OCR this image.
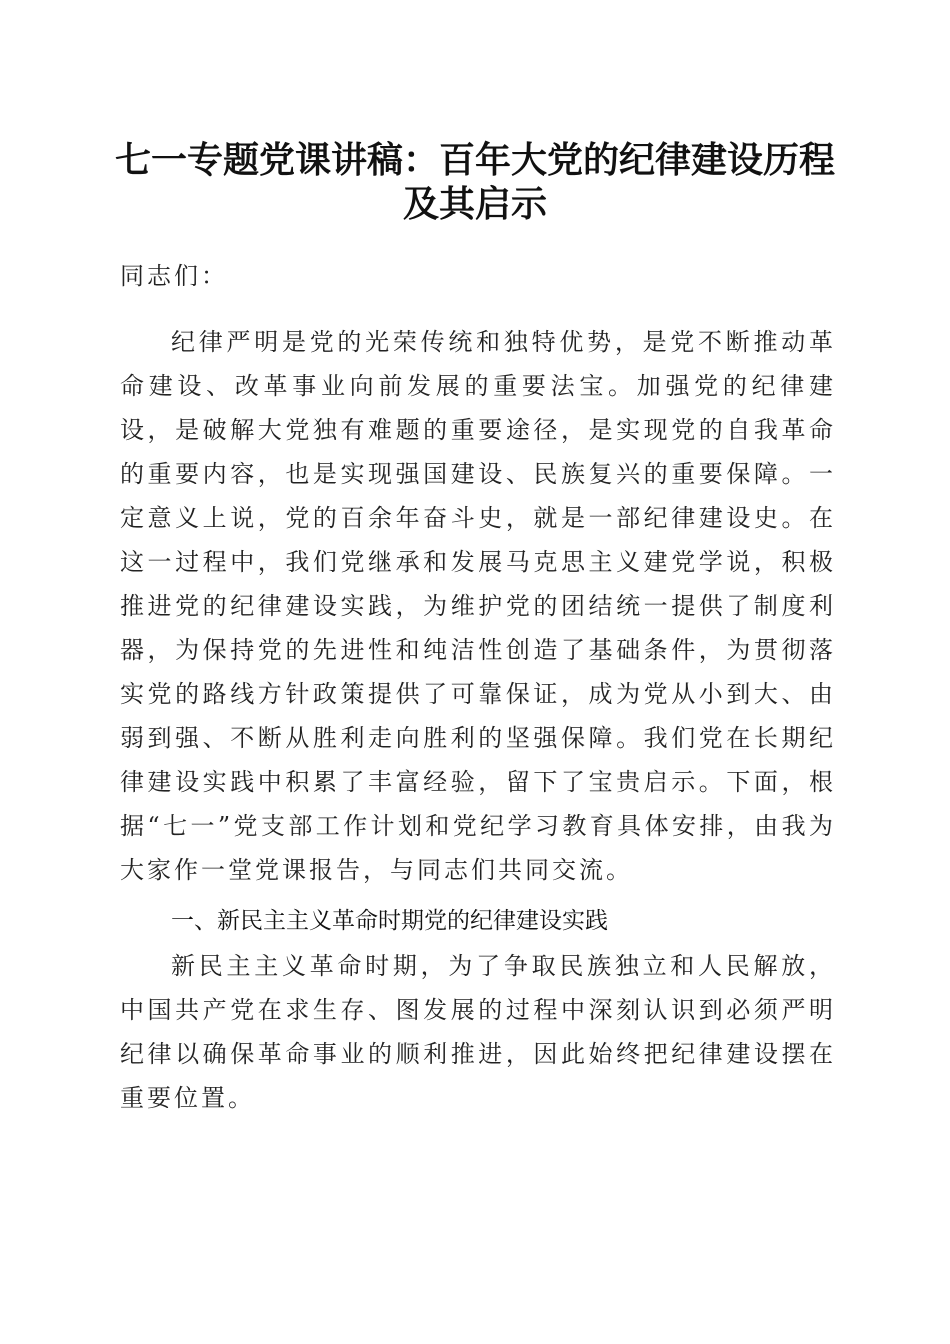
七一专题党课讲稿：百年大党的纪律建设历程
及其启示

同志们：

纪律严明是党的光荣传统和独特优势，是党不断推动革命建设、改革事业向前发展的重要法宝。加强党的纪律建设，是破解大党独有难题的重要途径，是实现党的自我革命的重要内容，也是实现强国建设、民族复兴的重要保障。一定意义上说，党的百余年奋斗史，就是一部纪律建设史。在这一过程中，我们党继承和发展马克思主义建党学说，积极推进党的纪律建设实践，为维护党的团结统一提供了制度利器，为保持党的先进性和纯洁性创造了基础条件，为贯彻落实党的路线方针政策提供了可靠保证，成为党从小到大、由弱到强、不断从胜利走向胜利的坚强保障。我们党在长期纪律建设实践中积累了丰富经验，留下了宝贵启示。下面，根据“七一”党支部工作计划和党纪学习教育具体安排，由我为大家作一堂党课报告，与同志们共同交流。

一、新民主主义革命时期党的纪律建设实践

新民主主义革命时期，为了争取民族独立和人民解放，中国共产党在求生存、图发展的过程中深刻认识到必须严明纪律以确保革命事业的顺利推进，因此始终把纪律建设摆在重要位置。
